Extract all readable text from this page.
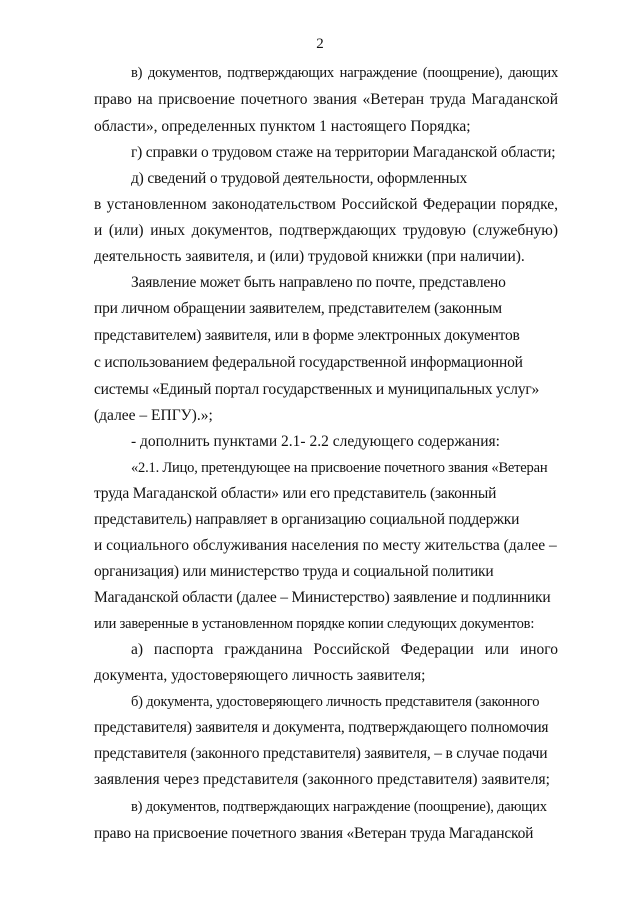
2
в) документов, подтверждающих награждение (поощрение), дающих
право на присвоение почетного звания «Ветеран труда Магаданской
области», определенных пунктом 1 настоящего Порядка;
г) справки о трудовом стаже на территории Магаданской области;
д) сведений о трудовой деятельности, оформленных
в установленном законодательством Российской Федерации порядке,
и (или) иных документов, подтверждающих трудовую (служебную)
деятельность заявителя, и (или) трудовой книжки (при наличии).
Заявление может быть направлено по почте, представлено
при личном обращении заявителем, представителем (законным
представителем) заявителя, или в форме электронных документов
с использованием федеральной государственной информационной
системы «Единый портал государственных и муниципальных услуг»
(далее – ЕПГУ).»;
- дополнить пунктами 2.1- 2.2 следующего содержания:
«2.1. Лицо, претендующее на присвоение почетного звания «Ветеран
труда Магаданской области» или его представитель (законный
представитель) направляет в организацию социальной поддержки
и социального обслуживания населения по месту жительства (далее –
организация) или министерство труда и социальной политики
Магаданской области (далее – Министерство) заявление и подлинники
или заверенные в установленном порядке копии следующих документов:
а) паспорта гражданина Российской Федерации или иного
документа, удостоверяющего личность заявителя;
б) документа, удостоверяющего личность представителя (законного
представителя) заявителя и документа, подтверждающего полномочия
представителя (законного представителя) заявителя, – в случае подачи
заявления через представителя (законного представителя) заявителя;
в) документов, подтверждающих награждение (поощрение), дающих
право на присвоение почетного звания «Ветеран труда Магаданской
